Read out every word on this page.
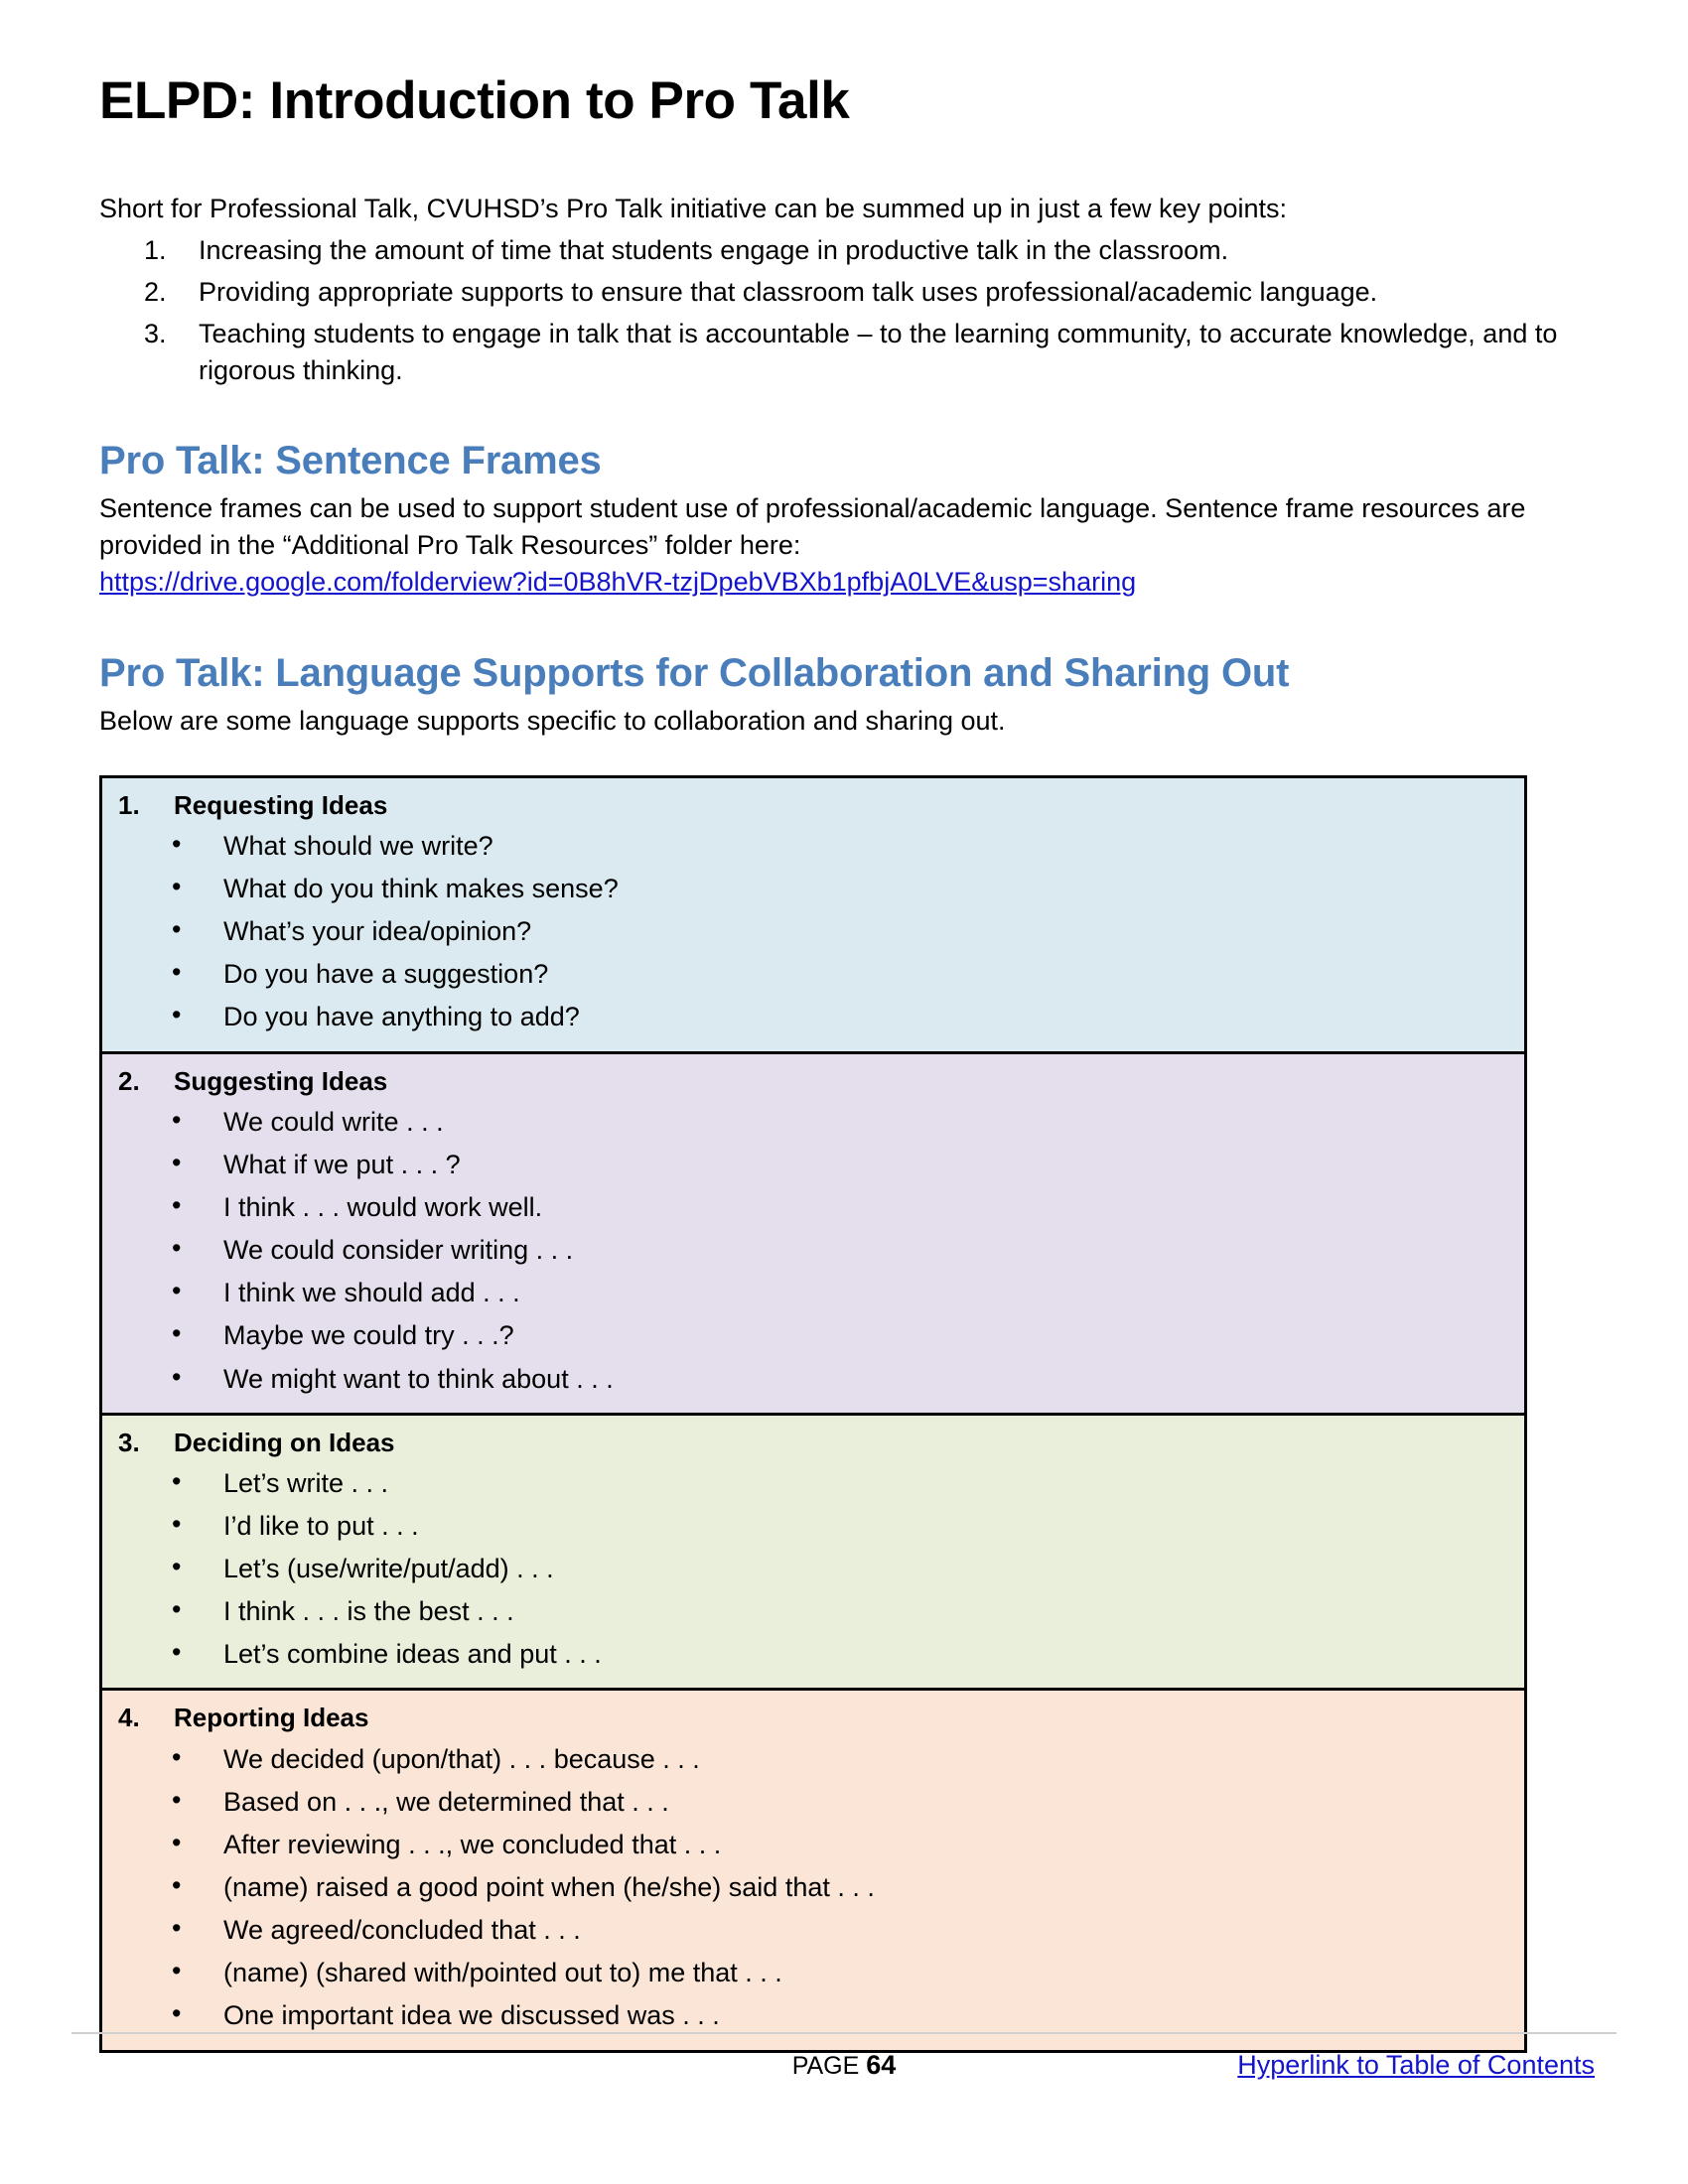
ELPD: Introduction to Pro Talk

Short for Professional Talk, CVUHSD’s Pro Talk initiative can be summed up in just a few key points:

Increasing the amount of time that students engage in productive talk in the classroom.
Providing appropriate supports to ensure that classroom talk uses professional/academic language.
Teaching students to engage in talk that is accountable – to the learning community, to accurate knowledge, and to rigorous thinking.
Pro Talk: Sentence Frames

Sentence frames can be used to support student use of professional/academic language. Sentence frame resources are provided in the “Additional Pro Talk Resources” folder here:

https://drive.google.com/folderview?id=0B8hVR-tzjDpebVBXb1pfbjA0LVE&usp=sharing
Pro Talk: Language Supports for Collaboration and Sharing Out

Below are some language supports specific to collaboration and sharing out.

1. Requesting Ideas
• What should we write?
• What do you think makes sense?
• What’s your idea/opinion?
• Do you have a suggestion?
• Do you have anything to add?
2. Suggesting Ideas
• We could write . . .
• What if we put . . . ?
• I think . . . would work well.
• We could consider writing . . .
• I think we should add . . .
• Maybe we could try . . .?
• We might want to think about . . .
3. Deciding on Ideas
• Let’s write . . .
• I’d like to put . . .
• Let’s (use/write/put/add) . . .
• I think . . . is the best . . .
• Let’s combine ideas and put . . .
4. Reporting Ideas
• We decided (upon/that) . . . because . . .
• Based on . . ., we determined that . . .
• After reviewing . . ., we concluded that . . .
• (name) raised a good point when (he/she) said that . . .
• We agreed/concluded that . . .
• (name) (shared with/pointed out to) me that . . .
• One important idea we discussed was . . .
PAGE 64	Hyperlink to Table of Contents
